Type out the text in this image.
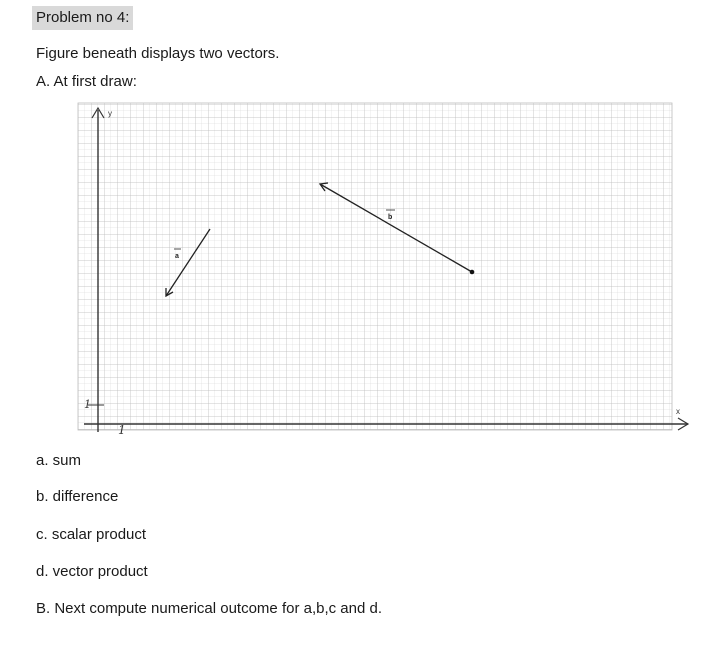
Problem no 4:
Figure beneath displays two vectors.
A. At first draw:
y
x
1
1
a
b
a. sum
b. difference
c. scalar product
d. vector product
B. Next compute numerical outcome for a,b,c and d.
